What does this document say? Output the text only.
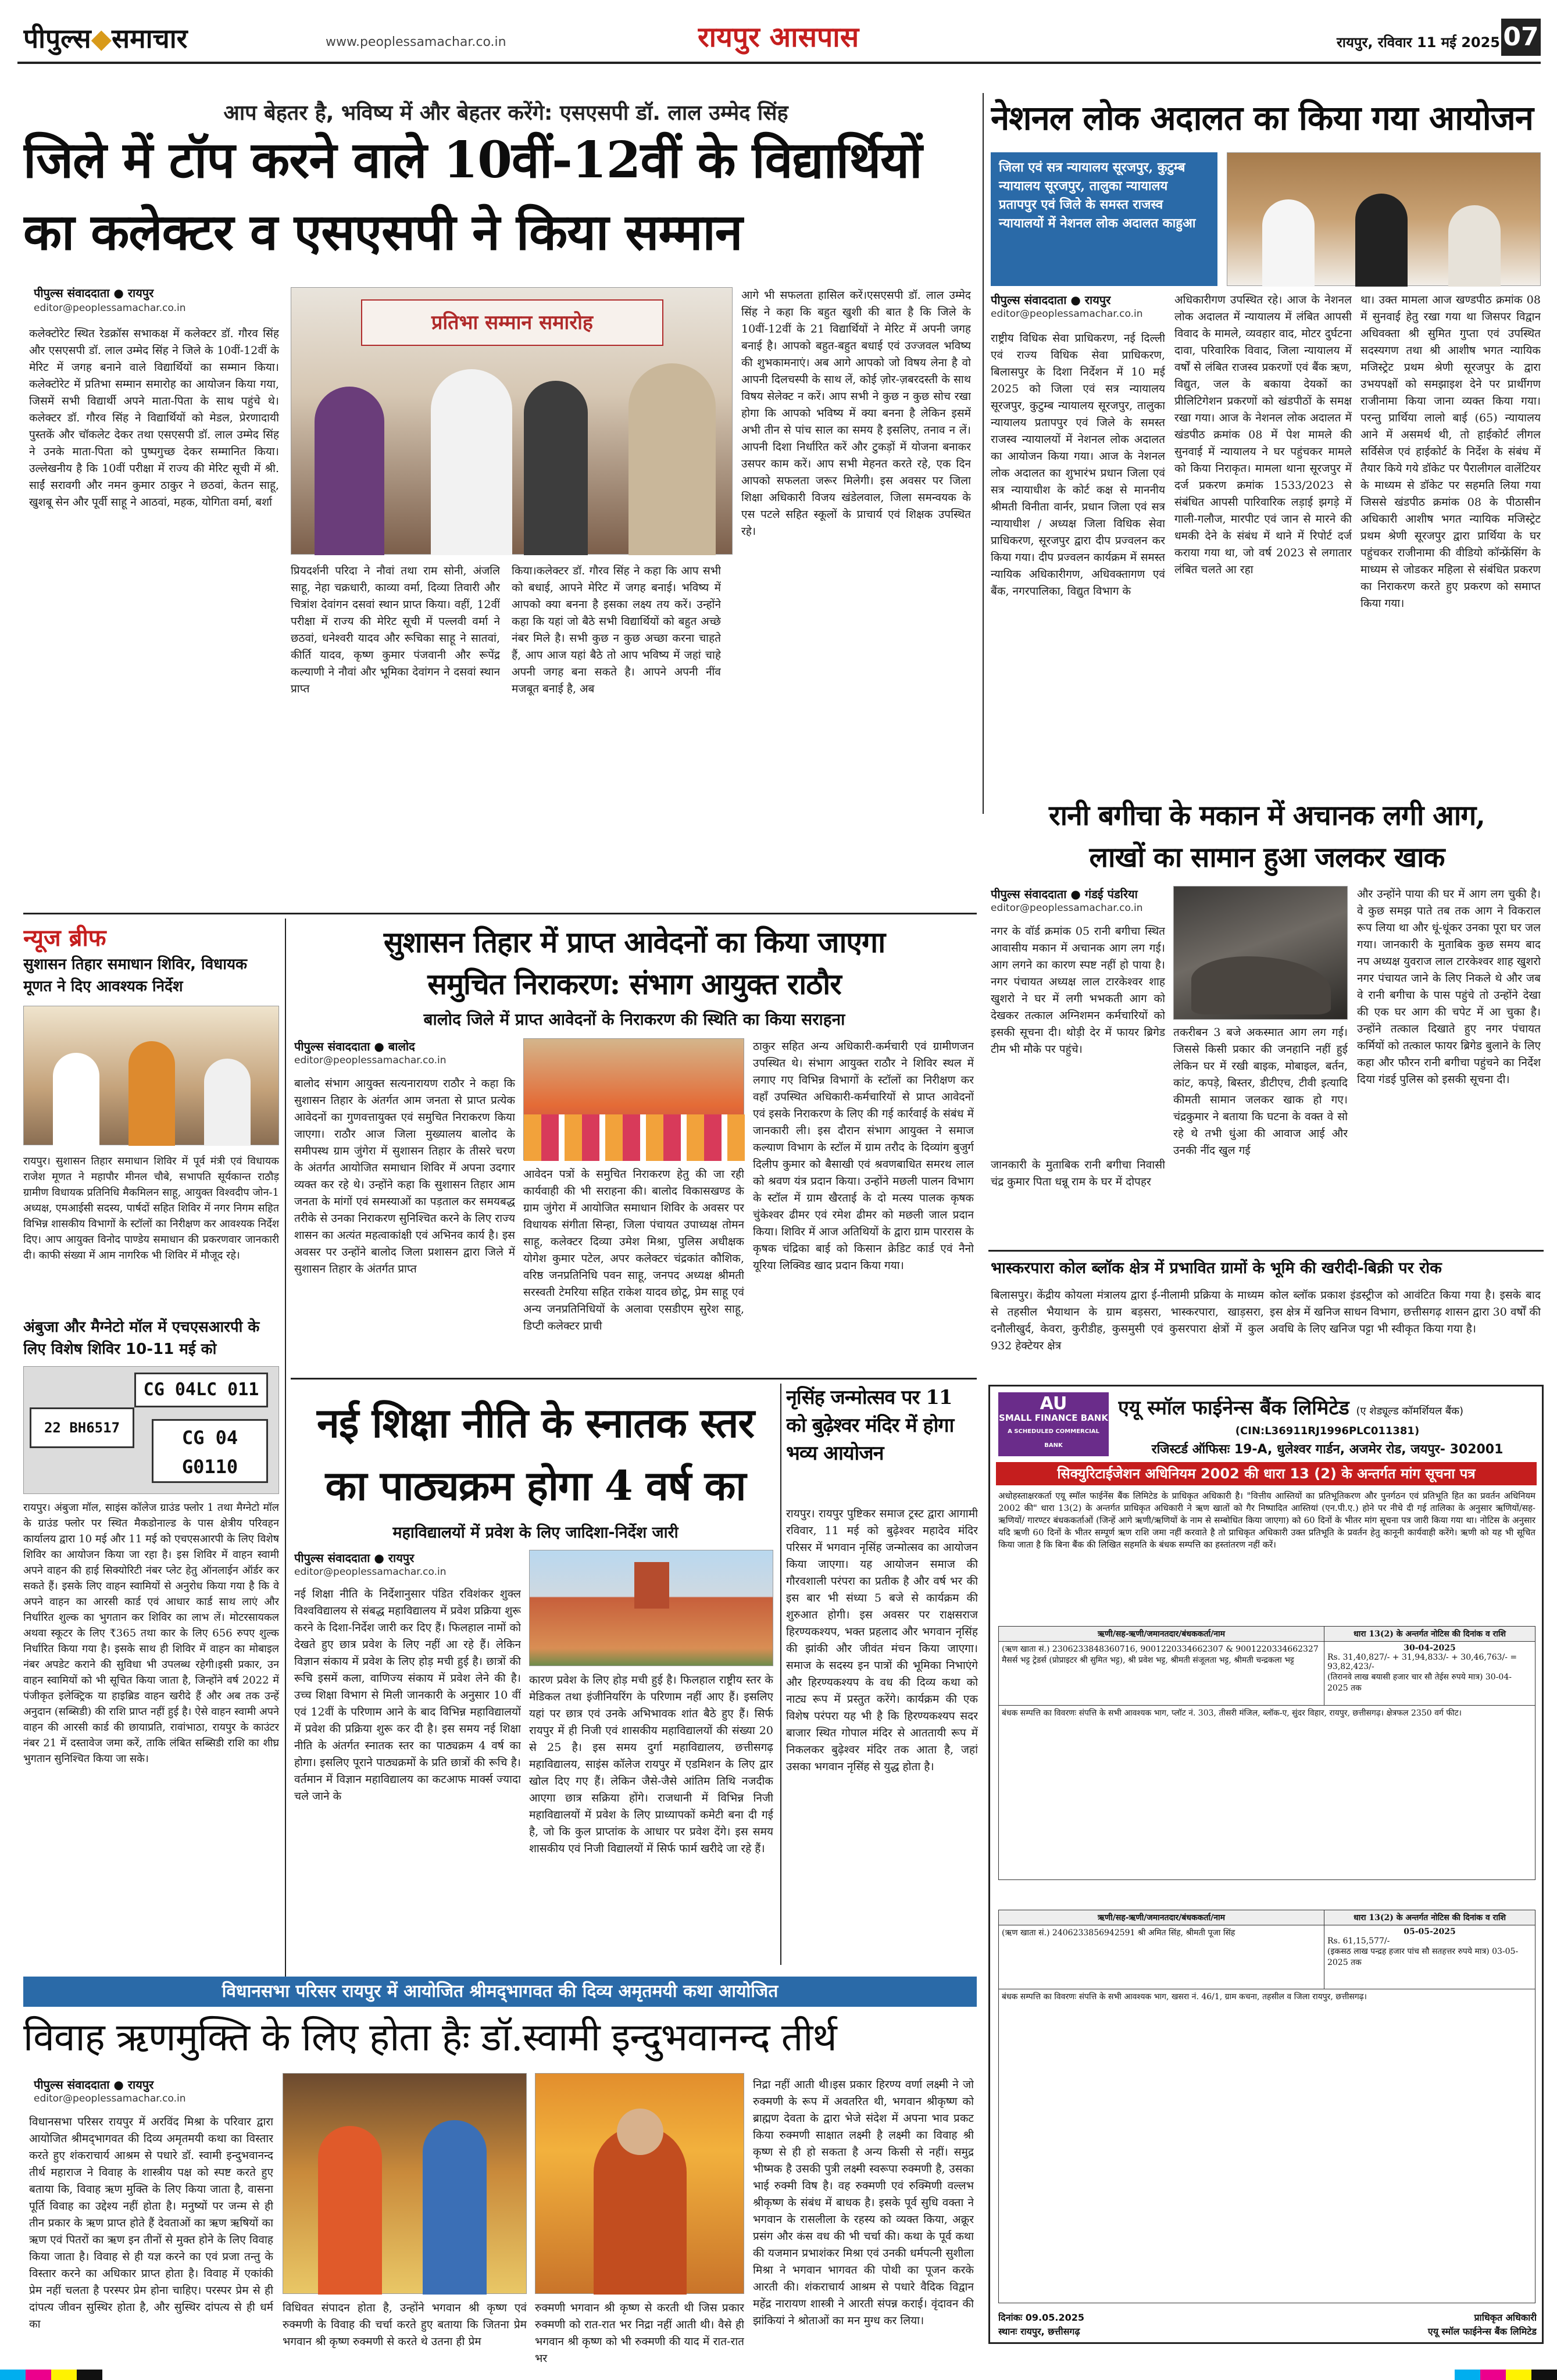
पीपुल्स◆समाचार	www.peoplessamachar.co.in	रायपुर आसपास	रायपुर, रविवार 11 मई 2025 07
आप बेहतर है, भविष्य में और बेहतर करेंगे: एसएसपी डॉ. लाल उम्मेद सिंह
जिले में टॉप करने वाले 10वीं-12वीं के विद्यार्थियों
का कलेक्टर व एसएसपी ने किया सम्मान
पीपुल्स संवाददाता ● रायपुर
editor@peoplessamachar.co.in
कलेक्टोरेट स्थित रेडक्रॉस सभाकक्ष में कलेक्टर डॉ. गौरव सिंह और एसएसपी डॉ. लाल उम्मेद सिंह ने जिले के 10वीं-12वीं के मेरिट में जगह बनाने वाले विद्यार्थियों का सम्मान किया। कलेक्टोरेट में प्रतिभा सम्मान समारोह का आयोजन किया गया, जिसमें सभी विद्यार्थी अपने माता-पिता के साथ पहुंचे थे। कलेक्टर डॉ. गौरव सिंह ने विद्यार्थियों को मेडल, प्रेरणादायी पुस्तकें और चॉकलेट देकर तथा एसएसपी डॉ. लाल उम्मेद सिंह ने उनके माता-पिता को पुष्पगुच्छ देकर सम्मानित किया। उल्लेखनीय है कि 10वीं परीक्षा में राज्य की मेरिट सूची में श्री. साईं सरावगी और नमन कुमार ठाकुर ने छठवां, केतन साहू, खुशबू सेन और पूर्वी साहू ने आठवां, महक, योगिता वर्मा, बर्शा
प्रतिभा सम्मान समारोह
प्रियदर्शनी परिदा ने नौवां तथा राम सोनी, अंजलि साहू, नेहा चक्रधारी, काव्या वर्मा, दिव्या तिवारी और चित्रांश देवांगन दसवां स्थान प्राप्त किया। वहीं, 12वीं परीक्षा में राज्य की मेरिट सूची में पल्लवी वर्मा ने छठवां, धनेश्वरी यादव और रूचिका साहू ने सातवां, कीर्ति यादव, कृष्ण कुमार पंजवानी और रूपेंद्र कल्याणी ने नौवां और भूमिका देवांगन ने दसवां स्थान प्राप्त
किया।कलेक्टर डॉ. गौरव सिंह ने कहा कि आप सभी को बधाई, आपने मेरिट में जगह बनाई। भविष्य में आपको क्या बनना है इसका लक्ष्य तय करें। उन्होंने कहा कि यहां जो बैठे सभी विद्यार्थियों को बहुत अच्छे नंबर मिले है। सभी कुछ न कुछ अच्छा करना चाहते हैं, आप आज यहां बैठे तो आप भविष्य में जहां चाहे अपनी जगह बना सकते है। आपने अपनी नींव मजबूत बनाई है, अब
आगे भी सफलता हासिल करें।एसएसपी डॉ. लाल उम्मेद सिंह ने कहा कि बहुत खुशी की बात है कि जिले के 10वीं-12वीं के 21 विद्यार्थियों ने मेरिट में अपनी जगह बनाई है। आपको बहुत-बहुत बधाई एवं उज्जवल भविष्य की शुभकामनाएं। अब आगे आपको जो विषय लेना है वो आपनी दिलचस्पी के साथ लें, कोई ज़ोर-ज़बरदस्ती के साथ विषय सेलेक्ट न करें। आप सभी ने कुछ न कुछ सोच रखा होगा कि आपको भविष्य में क्या बनना है लेकिन इसमें अभी तीन से पांच साल का समय है इसलिए, तनाव न लें। आपनी दिशा निर्धारित करें और टुकड़ों में योजना बनाकर उसपर काम करें। आप सभी मेहनत करते रहे, एक दिन आपको सफलता जरूर मिलेगी। इस अवसर पर जिला शिक्षा अधिकारी विजय खंडेलवाल, जिला समन्वयक के एस पटले सहित स्कूलों के प्राचार्य एवं शिक्षक उपस्थित रहे।
नेशनल लोक अदालत का किया गया आयोजन
जिला एवं सत्र न्यायालय सूरजपुर, कुटुम्ब न्यायालय सूरजपुर, तालुका न्यायालय प्रतापपुर एवं जिले के समस्त राजस्व न्यायालयों में नेशनल लोक अदालत काहुआ
पीपुल्स संवाददाता ● रायपुर
editor@peoplessamachar.co.in
राष्ट्रीय विधिक सेवा प्राधिकरण, नई दिल्ली एवं राज्य विधिक सेवा प्राधिकरण, बिलासपुर के दिशा निर्देशन में 10 मई 2025 को जिला एवं सत्र न्यायालय सूरजपुर, कुटुम्ब न्यायालय सूरजपुर, तालुका न्यायालय प्रतापपुर एवं जिले के समस्त राजस्व न्यायालयों में नेशनल लोक अदालत का आयोजन किया गया। आज के नेशनल लोक अदालत का शुभारंभ प्रधान जिला एवं सत्र न्यायाधीश के कोर्ट कक्ष से माननीय श्रीमती विनीता वार्नर, प्रधान जिला एवं सत्र न्यायाधीश / अध्यक्ष जिला विधिक सेवा प्राधिकरण, सूरजपुर द्वारा दीप प्रज्वलन कर किया गया। दीप प्रज्वलन कार्यक्रम में समस्त न्यायिक अधिकारीगण, अधिवक्तागण एवं बैंक, नगरपालिका, विद्युत विभाग के
अधिकारीगण उपस्थित रहे। आज के नेशनल लोक अदालत में न्यायालय में लंबित आपसी विवाद के मामले, व्यवहार वाद, मोटर दुर्घटना दावा, परिवारिक विवाद, जिला न्यायालय में वर्षों से लंबित राजस्व प्रकरणों एवं बैंक ऋण, विद्युत, जल के बकाया देयकों का प्रीलिटिगेशन प्रकरणों को खंडपीठों के समक्ष रखा गया। आज के नेशनल लोक अदालत में खंडपीठ क्रमांक 08 में पेश मामले की सुनवाई में न्यायालय ने घर पहुंचकर मामले को किया निराकृत। मामला थाना सूरजपुर में दर्ज प्रकरण क्रमांक 1533/2023 से संबंधित आपसी पारिवारिक लड़ाई झगड़े में गाली-गलौज, मारपीट एवं जान से मारने की धमकी देने के संबंध में थाने में रिपोर्ट दर्ज कराया गया था, जो वर्ष 2023 से लगातार लंबित चलते आ रहा
था। उक्त मामला आज खण्डपीठ क्रमांक 08 में सुनवाई हेतु रखा गया था जिसपर विद्वान अधिवक्ता श्री सुमित गुप्ता एवं उपस्थित सदस्यगण तथा श्री आशीष भगत न्यायिक मजिस्ट्रेट प्रथम श्रेणी सूरजपुर के द्वारा उभयपक्षों को समझाइश देने पर प्रार्थीगण राजीनामा किया जाना व्यक्त किया गया। परन्तु प्रार्थिया लालो बाई (65) न्यायालय आने में असमर्थ थी, तो हाईकोर्ट लीगल सर्विसेज एवं हाईकोर्ट के निर्देश के संबंध में तैयार किये गये डॉकेट पर पैरालीगल वालेंटियर के माध्यम से डॉकेट पर सहमति लिया गया जिससे खंडपीठ क्रमांक 08 के पीठासीन अधिकारी आशीष भगत न्यायिक मजिस्ट्रेट प्रथम श्रेणी सूरजपुर द्वारा प्रार्थिया के घर पहुंचकर राजीनामा की वीडियो कॉन्फ्रेंसिंग के माध्यम से जोडकर महिला से संबंधित प्रकरण का निराकरण करते हुए प्रकरण को समाप्त किया गया।
न्यूज ब्रीफ
सुशासन तिहार समाधान शिविर, विधायक मूणत ने दिए आवश्यक निर्देश
रायपुर। सुशासन तिहार समाधान शिविर में पूर्व मंत्री एवं विधायक राजेश मूणत ने महापौर मीनल चौबे, सभापति सूर्यकान्त राठौड़ ग्रामीण विधायक प्रतिनिधि मैकमिलन साहू, आयुक्त विश्वदीप जोन-1 अध्यक्ष, एमआईसी सदस्य, पार्षदों सहित शिविर में नगर निगम सहित विभिन्न शासकीय विभागों के स्टॉलों का निरीक्षण कर आवश्यक निर्देश दिए। आप आयुक्त विनोद पाण्डेय समाधान की प्रकरणवार जानकारी दी। काफी संख्या में आम नागरिक भी शिविर में मौजूद रहे।
अंबुजा और मैग्नेटो मॉल में एचएसआरपी के लिए विशेष शिविर 10-11 मई को
CG 04LC 011
22 BH6517	CG 04 G0110
रायपुर। अंबुजा मॉल, साइंस कॉलेज ग्राउंड फ्लोर 1 तथा मैग्नेटो मॉल के ग्राउंड फ्लोर पर स्थित मैकडोनाल्ड के पास क्षेत्रीय परिवहन कार्यालय द्वारा 10 मई और 11 मई को एचएसआरपी के लिए विशेष शिविर का आयोजन किया जा रहा है। इस शिविर में वाहन स्वामी अपने वाहन की हाई सिक्योरिटी नंबर प्लेट हेतु ऑनलाईन ऑर्डर कर सकते हैं। इसके लिए वाहन स्वामियों से अनुरोध किया गया है कि वे अपने वाहन का आरसी कार्ड एवं आधार कार्ड साथ लाएं और निर्धारित शुल्क का भुगतान कर शिविर का लाभ लें। मोटरसायकल अथवा स्कूटर के लिए ₹365 तथा कार के लिए 656 रुपए शुल्क निर्धारित किया गया है। इसके साथ ही शिविर में वाहन का मोबाइल नंबर अपडेट कराने की सुविधा भी उपलब्ध रहेगी।इसी प्रकार, उन वाहन स्वामियों को भी सूचित किया जाता है, जिन्होंने वर्ष 2022 में पंजीकृत इलेक्ट्रिक या हाइब्रिड वाहन खरीदे हैं और अब तक उन्हें अनुदान (सब्सिडी) की राशि प्राप्त नहीं हुई है। ऐसे वाहन स्वामी अपने वाहन की आरसी कार्ड की छायाप्रति, रावांभाठा, रायपुर के काउंटर नंबर 21 में दस्तावेज जमा करें, ताकि लंबित सब्सिडी राशि का शीघ्र भुगतान सुनिश्चित किया जा सके।
सुशासन तिहार में प्राप्त आवेदनों का किया जाएगा
समुचित निराकरण: संभाग आयुक्त राठौर
बालोद जिले में प्राप्त आवेदनों के निराकरण की स्थिति का किया सराहना
पीपुल्स संवाददाता ● बालोद
editor@peoplessamachar.co.in
बालोद संभाग आयुक्त सत्यनारायण राठौर ने कहा कि सुशासन तिहार के अंतर्गत आम जनता से प्राप्त प्रत्येक आवेदनों का गुणवत्तायुक्त एवं समुचित निराकरण किया जाएगा। राठौर आज जिला मुख्यालय बालोद के समीपस्थ ग्राम जुंगेरा में सुशासन तिहार के तीसरे चरण के अंतर्गत आयोजित समाधान शिविर में अपना उदगार व्यक्त कर रहे थे। उन्होंने कहा कि सुशासन तिहार आम जनता के मांगों एवं समस्याओं का पड़ताल कर समयबद्ध तरीके से उनका निराकरण सुनिश्चित करने के लिए राज्य शासन का अत्यंत महत्वाकांक्षी एवं अभिनव कार्य है। इस अवसर पर उन्होंने बालोद जिला प्रशासन द्वारा जिले में सुशासन तिहार के अंतर्गत प्राप्त
आवेदन पत्रों के समुचित निराकरण हेतु की जा रही कार्यवाही की भी सराहना की। बालोद विकासखण्ड के ग्राम जुंगेरा में आयोजित समाधान शिविर के अवसर पर विधायक संगीता सिन्हा, जिला पंचायत उपाध्यक्ष तोमन साहू, कलेक्टर दिव्या उमेश मिश्रा, पुलिस अधीक्षक योगेश कुमार पटेल, अपर कलेक्टर चंद्रकांत कौशिक, वरिष्ठ जनप्रतिनिधि पवन साहू, जनपद अध्यक्ष श्रीमती सरस्वती टेमरिया सहित राकेश यादव छोटू, प्रेम साहू एवं अन्य जनप्रतिनिधियों के अलावा एसडीएम सुरेश साहू, डिप्टी कलेक्टर प्राची
ठाकुर सहित अन्य अधिकारी-कर्मचारी एवं ग्रामीणजन उपस्थित थे। संभाग आयुक्त राठौर ने शिविर स्थल में लगाए गए विभिन्न विभागों के स्टॉलों का निरीक्षण कर वहाँ उपस्थित अधिकारी-कर्मचारियों से प्राप्त आवेदनों एवं इसके निराकरण के लिए की गई कार्रवाई के संबंध में जानकारी ली। इस दौरान संभाग आयुक्त ने समाज कल्याण विभाग के स्टॉल में ग्राम तरौद के दिव्यांग बुजुर्ग दिलीप कुमार को बैसाखी एवं श्रवणबाधित समरथ लाल को श्रवण यंत्र प्रदान किया। उन्होंने मछली पालन विभाग के स्टॉल में ग्राम खैरताई के दो मत्स्य पालक कृषक चुंकेश्वर ढीमर एवं रमेश ढीमर को मछली जाल प्रदान किया। शिविर में आज अतिथियों के द्वारा ग्राम पाररास के कृषक चंद्रिका बाई को किसान क्रेडिट कार्ड एवं नैनो यूरिया लिक्विड खाद प्रदान किया गया।
नई शिक्षा नीति के स्नातक स्तर
का पाठ्यक्रम होगा 4 वर्ष का
महाविद्यालयों में प्रवेश के लिए जादिशा-निर्देश जारी
पीपुल्स संवाददाता ● रायपुर
editor@peoplessamachar.co.in
नई शिक्षा नीति के निर्देशानुसार पंडित रविशंकर शुक्ल विश्वविद्यालय से संबद्ध महाविद्यालय में प्रवेश प्रक्रिया शुरू करने के दिशा-निर्देश जारी कर दिए हैं। फिलहाल नामों को देखते हुए छात्र प्रवेश के लिए नहीं आ रहे हैं। लेकिन विज्ञान संकाय में प्रवेश के लिए होड़ मची हुई है। छात्रों की रूचि इसमें कला, वाणिज्य संकाय में प्रवेश लेने की है। उच्च शिक्षा विभाग से मिली जानकारी के अनुसार 10 वीं एवं 12वीं के परिणाम आने के बाद विभिन्न महाविद्यालयों में प्रवेश की प्रक्रिया शुरू कर दी है। इस समय नई शिक्षा नीति के अंतर्गत स्नातक स्तर का पाठ्यक्रम 4 वर्ष का होगा। इसलिए पूराने पाठ्यक्रमों के प्रति छात्रों की रूचि है। वर्तमान में विज्ञान महाविद्यालय का कटआफ मार्क्स ज्यादा चले जाने के
कारण प्रवेश के लिए होड़ मची हुई है। फिलहाल राष्ट्रीय स्तर के मेडिकल तथा इंजीनियरिंग के परिणाम नहीं आए हैं। इसलिए यहां पर छात्र एवं उनके अभिभावक शांत बैठे हुए हैं। सिर्फ रायपुर में ही निजी एवं शासकीय महाविद्यालयों की संख्या 20 से 25 है। इस समय दुर्गा महाविद्यालय, छत्तीसगढ़ महाविद्यालय, साइंस कॉलेज रायपुर में एडमिशन के लिए द्वार खोल दिए गए हैं। लेकिन जैसे-जैसे आंतिम तिथि नजदीक आएगा छात्र सक्रिया होंगे। राजधानी में विभिन्न निजी महाविद्यालयों में प्रवेश के लिए प्राध्यापकों कमेटी बना दी गई है, जो कि कुल प्राप्तांक के आधार पर प्रवेश देंगे। इस समय शासकीय एवं निजी विद्यालयों में सिर्फ फार्म खरीदे जा रहे हैं।
नृसिंह जन्मोत्सव पर 11 को बुढ़ेश्वर मंदिर में होगा भव्य आयोजन
रायपुर। रायपुर पुष्टिकर समाज ट्रस्ट द्वारा आगामी रविवार, 11 मई को बुढ़ेश्वर महादेव मंदिर परिसर में भगवान नृसिंह जन्मोत्सव का आयोजन किया जाएगा। यह आयोजन समाज की गौरवशाली परंपरा का प्रतीक है और वर्ष भर की इस बार भी संध्या 5 बजे से कार्यक्रम की शुरुआत होगी। इस अवसर पर राक्षसराज हिरण्यकश्यप, भक्त प्रहलाद और भगवान नृसिंह की झांकी और जीवंत मंचन किया जाएगा। समाज के सदस्य इन पात्रों की भूमिका निभाएंगे और हिरण्यकश्यप के वध की दिव्य कथा को नाट्य रूप में प्रस्तुत करेंगे। कार्यक्रम की एक विशेष परंपरा यह भी है कि हिरण्यकश्यप सदर बाजार स्थित गोपाल मंदिर से आततायी रूप में निकलकर बुढ़ेश्वर मंदिर तक आता है, जहां उसका भगवान नृसिंह से युद्ध होता है।
रानी बगीचा के मकान में अचानक लगी आग,
लाखों का सामान हुआ जलकर खाक
पीपुल्स संवाददाता ● गंडई पंडरिया
editor@peoplessamachar.co.in
नगर के वॉर्ड क्रमांक 05 रानी बगीचा स्थित आवासीय मकान में अचानक आग लग गई। आग लगने का कारण स्पष्ट नहीं हो पाया है। नगर पंचायत अध्यक्ष लाल टारकेश्वर शाह खुशरो ने घर में लगी भभकती आग को देखकर तत्काल अग्निशमन कर्मचारियों को इसकी सूचना दी। थोड़ी देर में फायर ब्रिगेड टीम भी मौके पर पहुंचे।
जानकारी के मुताबिक रानी बगीचा निवासी चंद्र कुमार पिता धन्नू राम के घर में दोपहर
तकरीबन 3 बजे अकस्मात आग लग गई। जिससे किसी प्रकार की जनहानि नहीं हुई लेकिन घर में रखी बाइक, मोबाइल, बर्तन, कांट, कपड़े, बिस्तर, डीटीएच, टीवी इत्यादि कीमती सामान जलकर खाक हो गए। चंद्रकुमार ने बताया कि घटना के वक्त वे सो रहे थे तभी धुंआ की आवाज आई और उनकी नींद खुल गई
और उन्होंने पाया की घर में आग लग चुकी है। वे कुछ समझ पाते तब तक आग ने विकराल रूप लिया था और धूं-धूंकर उनका पूरा घर जल गया। जानकारी के मुताबिक कुछ समय बाद नप अध्यक्ष युवराज लाल टारकेश्वर शाह खुशरो नगर पंचायत जाने के लिए निकले थे और जब वे रानी बगीचा के पास पहुंचे तो उन्होंने देखा की एक घर आग की चपेट में आ चुका है। उन्होंने तत्काल दिखाते हुए नगर पंचायत कर्मियों को तत्काल फायर ब्रिगेड बुलाने के लिए कहा और फौरन रानी बगीचा पहुंचने का निर्देश दिया गंडई पुलिस को इसकी सूचना दी।
भास्करपारा कोल ब्लॉक क्षेत्र में प्रभावित ग्रामों के भूमि की खरीदी-बिक्री पर रोक
बिलासपुर। केंद्रीय कोयला मंत्रालय द्वारा ई-नीलामी प्रक्रिया के माध्यम से तहसील भैयाथान के ग्राम बड़सरा, भास्करपारा, खाड़सरा, दनौलीखुर्द, केवरा, कुरीडीह, कुसमुसी एवं कुसरपारा क्षेत्रों में कुल 932 हेक्टेयर क्षेत्र
कोल ब्लॉक प्रकाश इंडस्ट्रीज को आवंटित किया गया है। इसके बाद इस क्षेत्र में खनिज साधन विभाग, छत्तीसगढ़ शासन द्वारा 30 वर्षों की अवधि के लिए खनिज पट्टा भी स्वीकृत किया गया है।
AU
SMALL FINANCE BANK
A SCHEDULED COMMERCIAL BANK
एयू स्मॉल फाईनेन्स बैंक लिमिटेड (ए शेड्यूल्ड कॉमर्शियल बैंक)
(CIN:L36911RJ1996PLC011381)
रजिस्टर्ड ऑफिसः 19-A, धुलेश्वर गार्डन, अजमेर रोड, जयपुर- 302001
सिक्युरिटाईजेशन अधिनियम 2002 की धारा 13 (2) के अन्तर्गत मांग सूचना पत्र
अधोहस्ताक्षरकर्ता एयू स्मॉल फाईनेंस बैंक लिमिटेड के प्राधिकृत अधिकारी है। "वित्तीय आस्तियों का प्रतिभूतिकरण और पुनर्गठन एवं प्रतिभूति हित का प्रवर्तन अधिनियम 2002 की" धारा 13(2) के अन्तर्गत प्राधिकृत अधिकारी ने ऋण खातों को गैर निष्पादित आस्तियां (एन.पी.ए.) होने पर नीचे दी गई तालिका के अनुसार ऋणियों/सह-ऋणियों/ गारण्टर बंधककर्ताओं (जिन्हें आगे ऋणी/ऋणियों के नाम से सम्बोधित किया जाएगा) को 60 दिनों के भीतर मांग सूचना पत्र जारी किया गया था। नोटिस के अनुसार यदि ऋणी 60 दिनों के भीतर सम्पूर्ण ऋण राशि जमा नहीं करवाते है तो प्राधिकृत अधिकारी उक्त प्रतिभूति के प्रवर्तन हेतु कानूनी कार्यवाही करेंगे। ऋणी को यह भी सूचित किया जाता है कि बिना बैंक की लिखित सहमति के बंधक सम्पत्ति का हस्तांतरण नहीं करें।
ऋणी/सह-ऋणी/जमानतदार/बंधककर्ता/नाम	धारा 13(2) के अन्तर्गत नोटिस की दिनांक व राशि
(ऋण खाता सं.) 2306233848360716, 9001220334662307 & 9001220334662327 मैसर्स भट्ट ट्रेडर्स (प्रोप्राइटर श्री सुमित भट्ट), श्री प्रवेश भट्ट, श्रीमती संजूलता भट्ट, श्रीमती चन्द्रकला भट्ट	30-04-2025
Rs. 31,40,827/- + 31,94,833/- + 30,46,763/- = 93,82,423/-
(तिरानवे लाख बयासी हजार चार सौ तेईस रुपये मात्र) 30-04-2025 तक

बंधक सम्पत्ति का विवरणः संपत्ति के सभी आवश्यक भाग, प्लॉट नं. 303, तीसरी मंजिल, ब्लॉक-ए, सुंदर विहार, रायपुर, छत्तीसगढ़। क्षेत्रफल 2350 वर्ग फीट।	
ऋणी/सह-ऋणी/जमानतदार/बंधककर्ता/नाम	धारा 13(2) के अन्तर्गत नोटिस की दिनांक व राशि
(ऋण खाता सं.) 2406233856942591 श्री अमित सिंह, श्रीमती पूजा सिंह	05-05-2025
Rs. 61,15,577/-
(इकसठ लाख पन्द्रह हजार पांच सौ सतहत्तर रुपये मात्र) 03-05-2025 तक

बंधक सम्पत्ति का विवरणः संपत्ति के सभी आवश्यक भाग, खसरा नं. 46/1, ग्राम कचना, तहसील व जिला रायपुर, छत्तीसगढ़।	
दिनांकः 09.05.2025
स्थानः रायपुर, छत्तीसगढ़
प्राधिकृत अधिकारी
एयू स्मॉल फाईनेन्स बैंक लिमिटेड
विधानसभा परिसर रायपुर में आयोजित श्रीमद्‌भागवत की दिव्य अमृतमयी कथा आयोजित
विवाह ऋणमुक्ति के लिए होता हैः डॉ.स्वामी इन्दुभवानन्द तीर्थ
पीपुल्स संवाददाता ● रायपुर
editor@peoplessamachar.co.in
विधानसभा परिसर रायपुर में अरविंद मिश्रा के परिवार द्वारा आयोजित श्रीमद्‌भागवत की दिव्य अमृतमयी कथा का विस्तार करते हुए शंकराचार्य आश्रम से पधारे डॉ. स्वामी इन्दुभवानन्द तीर्थ महाराज ने विवाह के शास्त्रीय पक्ष को स्पष्ट करते हुए बताया कि, विवाह ऋण मुक्ति के लिए किया जाता है, वासना पूर्ति विवाह का उद्देश्य नहीं होता है। मनुष्यों पर जन्म से ही तीन प्रकार के ऋण प्राप्त होते हैं देवताओं का ऋण ऋषियों का ऋण एवं पितरों का ऋण इन तीनों से मुक्त होने के लिए विवाह किया जाता है। विवाह से ही यज्ञ करने का एवं प्रजा तन्तु के विस्तार करने का अधिकार प्राप्त होता है। विवाह में एकांकी प्रेम नहीं चलता है परस्पर प्रेम होना चाहिए। परस्पर प्रेम से ही दांपत्य जीवन सुस्थिर होता है, और सुस्थिर दांपत्य से ही धर्म का
विधिवत संपादन होता है, उन्होंने भगवान श्री कृष्ण एवं रुक्मणी के विवाह की चर्चा करते हुए बताया कि जितना प्रेम भगवान श्री कृष्ण रुक्मणी से करते थे उतना ही प्रेम
रुक्मणी भगवान श्री कृष्ण से करती थी जिस प्रकार रुक्मणी को रात-रात भर निद्रा नहीं आती थी। वैसे ही भगवान श्री कृष्ण को भी रुक्मणी की याद में रात-रात भर
निद्रा नहीं आती थी।इस प्रकार हिरण्य वर्णा लक्ष्मी ने जो रुक्मणी के रूप में अवतरित थी, भगवान श्रीकृष्ण को ब्राह्मण देवता के द्वारा भेजे संदेश में अपना भाव प्रकट किया रुक्मणी साक्षात लक्ष्मी है लक्ष्मी का विवाह श्री कृष्ण से ही हो सकता है अन्य किसी से नहीं। समुद्र भीष्मक है उसकी पुत्री लक्ष्मी स्वरूपा रुक्मणी है, उसका भाई रुक्मी विष है। वह रुक्मणी एवं रुक्मिणी वल्लभ श्रीकृष्ण के संबंध में बाधक है। इसके पूर्व सुधि वक्ता ने भगवान के रासलीला के रहस्य को व्यक्त किया, अक्रूर प्रसंग और कंस वध की भी चर्चा की। कथा के पूर्व कथा की यजमान प्रभाशंकर मिश्रा एवं उनकी धर्मपत्नी सुशीला मिश्रा ने भगवान भागवत की पोथी का पूजन करके आरती की। शंकराचार्य आश्रम से पधारे वैदिक विद्वान महेंद्र नारायण शास्त्री ने आरती संपन्न कराई। वृंदावन की झांकियां ने श्रोताओं का मन मुग्ध कर लिया।
